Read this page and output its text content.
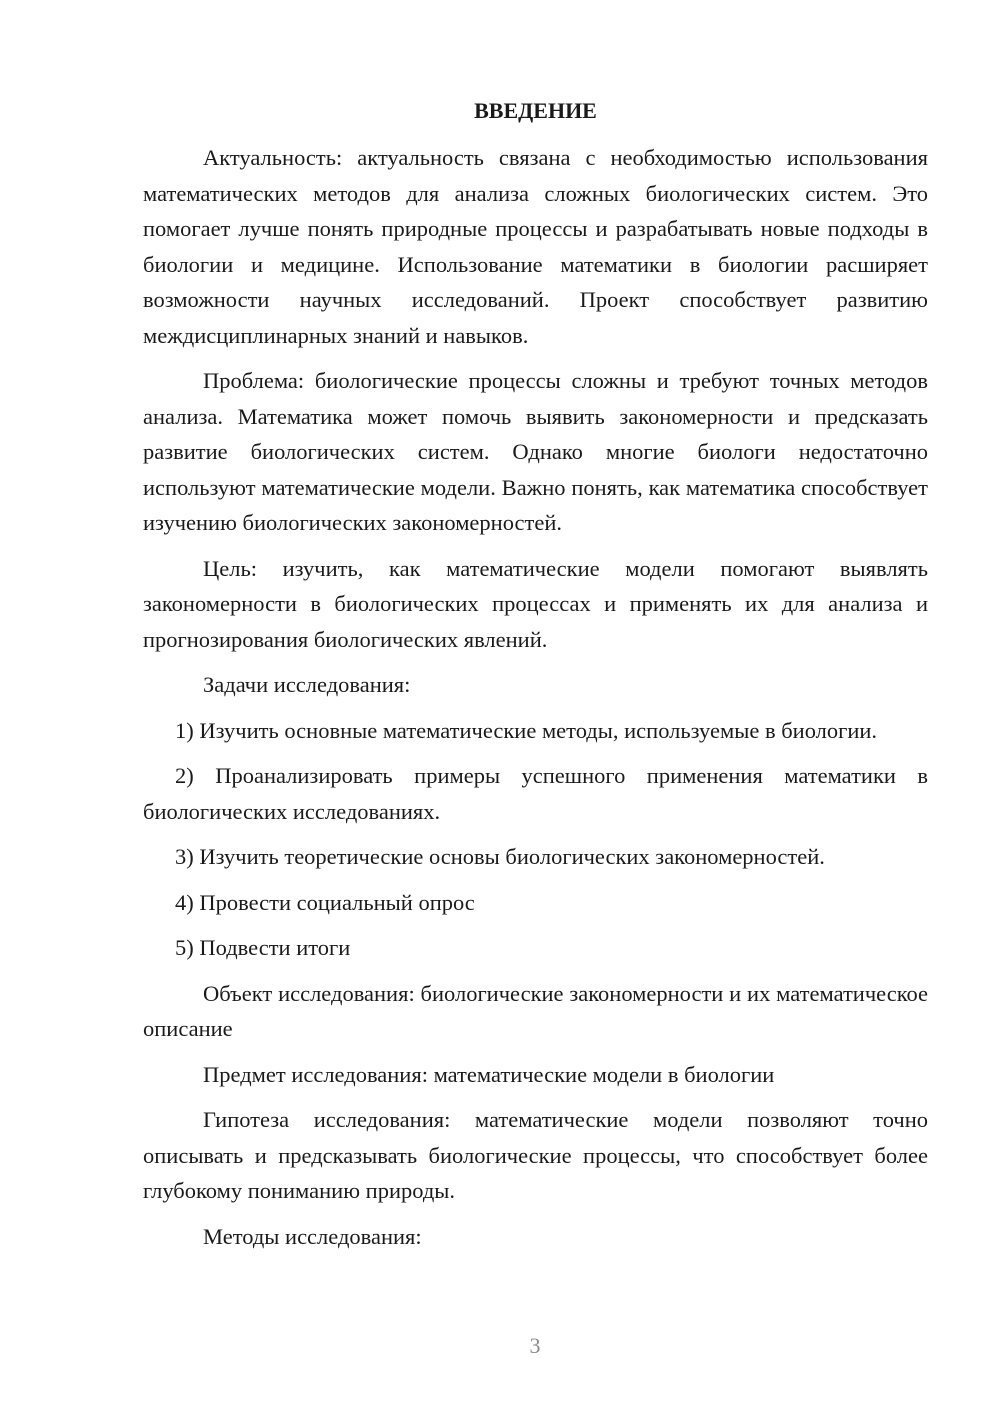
ВВЕДЕНИЕ

Актуальность: актуальность связана с необходимостью использования математических методов для анализа сложных биологических систем. Это помогает лучше понять природные процессы и разрабатывать новые подходы в биологии и медицине. Использование математики в биологии расширяет возможности научных исследований. Проект способствует развитию междисциплинарных знаний и навыков.

Проблема: биологические процессы сложны и требуют точных методов анализа. Математика может помочь выявить закономерности и предсказать развитие биологических систем. Однако многие биологи недостаточно используют математические модели. Важно понять, как математика способствует изучению биологических закономерностей.

Цель: изучить, как математические модели помогают выявлять закономерности в биологических процессах и применять их для анализа и прогнозирования биологических явлений.

Задачи исследования:

1) Изучить основные математические методы, используемые в биологии.

2) Проанализировать примеры успешного применения математики в биологических исследованиях.

3) Изучить теоретические основы биологических закономерностей.

4) Провести социальный опрос

5) Подвести итоги

Объект исследования: биологические закономерности и их математическое описание

Предмет исследования: математические модели в биологии

Гипотеза исследования: математические модели позволяют точно описывать и предсказывать биологические процессы, что способствует более глубокому пониманию природы.

Методы исследования:

3
